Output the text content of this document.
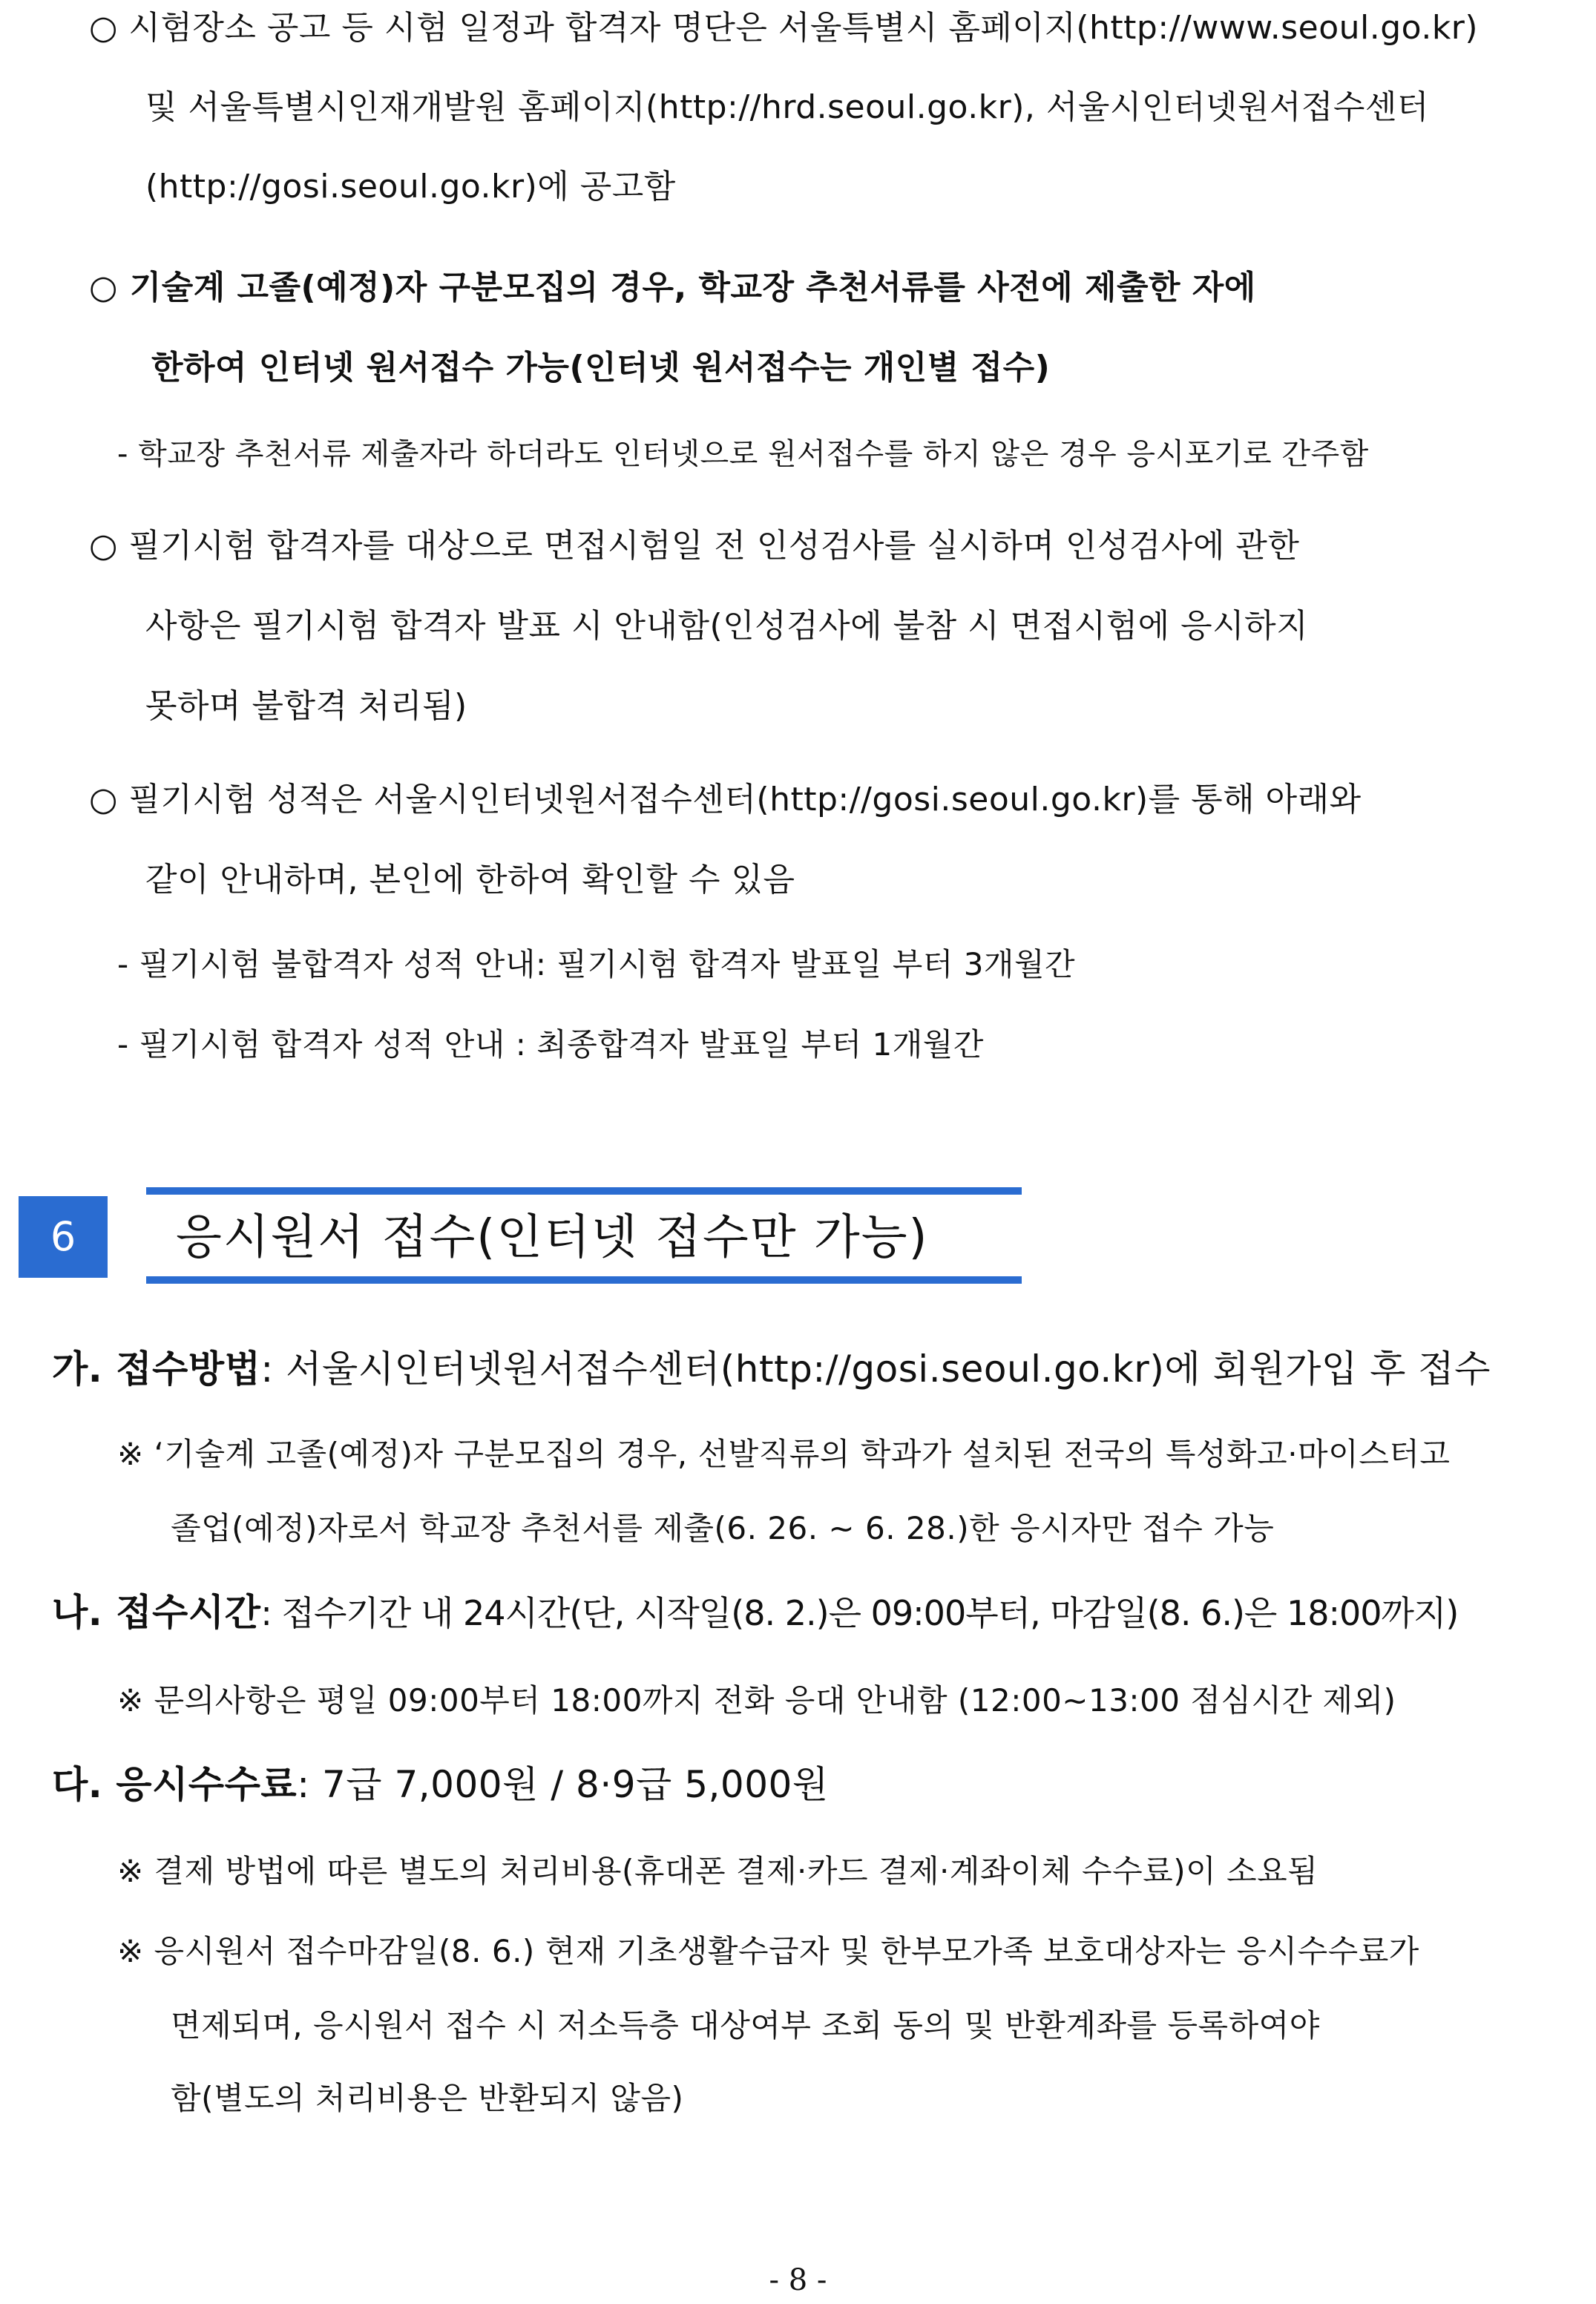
○ 시험장소 공고 등 시험 일정과 합격자 명단은 서울특별시 홈페이지(http://www.seoul.go.kr)
및 서울특별시인재개발원 홈페이지(http://hrd.seoul.go.kr), 서울시인터넷원서접수센터
(http://gosi.seoul.go.kr)에 공고함
○ 기술계 고졸(예정)자 구분모집의 경우, 학교장 추천서류를 사전에 제출한 자에
한하여 인터넷 원서접수 가능(인터넷 원서접수는 개인별 접수)
- 학교장 추천서류 제출자라 하더라도 인터넷으로 원서접수를 하지 않은 경우 응시포기로 간주함
○ 필기시험 합격자를 대상으로 면접시험일 전 인성검사를 실시하며 인성검사에 관한
사항은 필기시험 합격자 발표 시 안내함(인성검사에 불참 시 면접시험에 응시하지
못하며 불합격 처리됨)
○ 필기시험 성적은 서울시인터넷원서접수센터(http://gosi.seoul.go.kr)를 통해 아래와
같이 안내하며, 본인에 한하여 확인할 수 있음
- 필기시험 불합격자 성적 안내: 필기시험 합격자 발표일 부터 3개월간
- 필기시험 합격자 성적 안내 : 최종합격자 발표일 부터 1개월간
6	응시원서 접수(인터넷 접수만 가능)
가. 접수방법: 서울시인터넷원서접수센터(http://gosi.seoul.go.kr)에 회원가입 후 접수
※ ‘기술계 고졸(예정)자 구분모집의 경우, 선발직류의 학과가 설치된 전국의 특성화고·마이스터고
졸업(예정)자로서 학교장 추천서를 제출(6. 26. ~ 6. 28.)한 응시자만 접수 가능
나. 접수시간: 접수기간 내 24시간(단, 시작일(8. 2.)은 09:00부터, 마감일(8. 6.)은 18:00까지)
※ 문의사항은 평일 09:00부터 18:00까지 전화 응대 안내함 (12:00~13:00 점심시간 제외)
다. 응시수수료: 7급 7,000원 / 8·9급 5,000원
※ 결제 방법에 따른 별도의 처리비용(휴대폰 결제·카드 결제·계좌이체 수수료)이 소요됨
※ 응시원서 접수마감일(8. 6.) 현재 기초생활수급자 및 한부모가족 보호대상자는 응시수수료가
면제되며, 응시원서 접수 시 저소득층 대상여부 조회 동의 및 반환계좌를 등록하여야
함(별도의 처리비용은 반환되지 않음)
- 8 -
